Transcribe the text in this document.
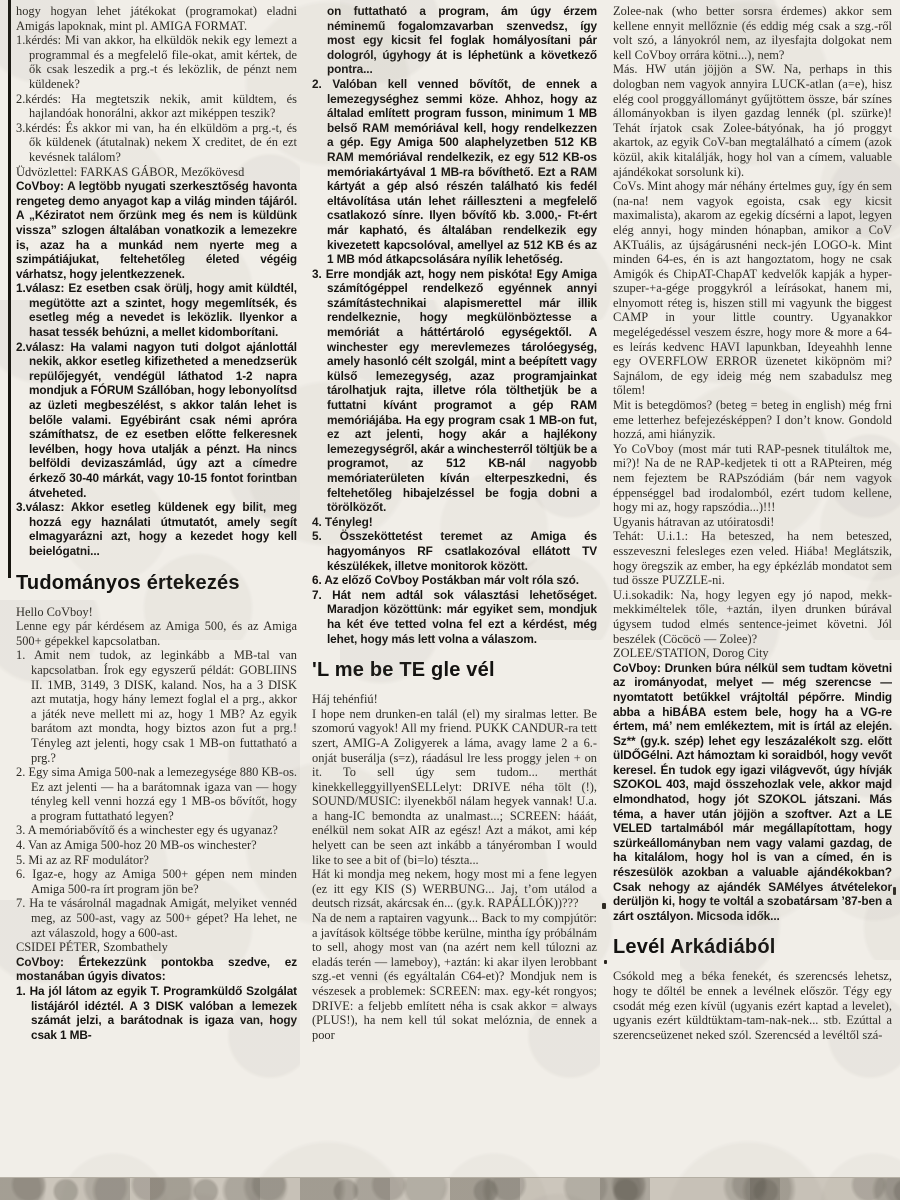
hogy hogyan lehet játékokat (programokat) eladni Amigás lapoknak, mint pl. AMIGA FORMAT.
1.kérdés: Mi van akkor, ha elküldök nekik egy lemezt a programmal és a megfelelő file-okat, amit kértek, de ők csak leszedik a prg.-t és leközlik, de pénzt nem küldenek?
2.kérdés: Ha megtetszik nekik, amit küldtem, és hajlandóak honorálni, akkor azt miképpen teszik?
3.kérdés: És akkor mi van, ha én elküldöm a prg.-t, és ők küldenek (átutalnak) nekem X creditet, de én ezt kevésnek találom?
Üdvözlettel: FARKAS GÁBOR, Mezőkövesd
CoVboy: A legtöbb nyugati szerkesztőség havonta rengeteg demo anyagot kap a világ minden tájáról. A „Kéziratot nem őrzünk meg és nem is küldünk vissza” szlogen általában vonatkozik a lemezekre is, azaz ha a munkád nem nyerte meg a szimpátiájukat, feltehetőleg életed végéig várhatsz, hogy jelentkezzenek.
1.válasz: Ez esetben csak örülj, hogy amit küldtél, megütötte azt a szintet, hogy megemlítsék, és esetleg még a nevedet is leközlik. Ilyenkor a hasat tessék behúzni, a mellet kidomborítani.
2.válasz: Ha valami nagyon tuti dolgot ajánlottál nekik, akkor esetleg kifizetheted a menedzserük repülőjegyét, vendégül láthatod 1-2 napra mondjuk a FÓRUM Szállóban, hogy lebonyolítsd az üzleti megbeszélést, s akkor talán lehet is belőle valami. Egyébiránt csak némi apróra számíthatsz, de ez esetben előtte felkeresnek levélben, hogy hova utalják a pénzt. Ha nincs belföldi devizaszámlád, úgy azt a címedre érkező 30-40 márkát, vagy 10-15 fontot forintban átveheted.
3.válasz: Akkor esetleg küldenek egy bilit, meg hozzá egy haználati útmutatót, amely segít elmagyarázni azt, hogy a kezedet hogy kell beielógatni...
Tudományos értekezés
Hello CoVboy!
Lenne egy pár kérdésem az Amiga 500, és az Amiga 500+ gépekkel kapcsolatban.
1. Amit nem tudok, az leginkább a MB-tal van kapcsolatban. Írok egy egyszerű példát: GOBLIINS II. 1MB, 3149, 3 DISK, kaland. Nos, ha a 3 DISK azt mutatja, hogy hány lemezt foglal el a prg., akkor a játék neve mellett mi az, hogy 1 MB? Az egyik barátom azt mondta, hogy biztos azon fut a prg.! Tényleg azt jelenti, hogy csak 1 MB-on futtatható a prg.?
2. Egy sima Amiga 500-nak a lemezegysége 880 KB-os. Ez azt jelenti — ha a barátomnak igaza van — hogy tényleg kell venni hozzá egy 1 MB-os bővítőt, hogy a program futtatható legyen?
3. A memóriabővítő és a winchester egy és ugyanaz?
4. Van az Amiga 500-hoz 20 MB-os winchester?
5. Mi az az RF modulátor?
6. Igaz-e, hogy az Amiga 500+ gépen nem minden Amiga 500-ra írt program jön be?
7. Ha te vásárolnál magadnak Amigát, melyiket vennéd meg, az 500-ast, vagy az 500+ gépet? Ha lehet, ne azt válaszold, hogy a 600-ast.
CSIDEI PÉTER, Szombathely
CoVboy: Értekezzünk pontokba szedve, ez mostanában úgyis divatos:
1. Ha jól látom az egyik T. Programküldő Szolgálat listájáról idéztél. A 3 DISK valóban a lemezek számát jelzi, a barátodnak is igaza van, hogy csak 1 MB-
on futtatható a program, ám úgy érzem néminemű fogalomzavarban szenvedsz, így most egy kicsit fel foglak homályosítani pár dologról, úgyhogy át is léphetünk a következő pontra...
2. Valóban kell venned bővítőt, de ennek a lemezegységhez semmi köze. Ahhoz, hogy az általad említett program fusson, minimum 1 MB belső RAM memóriával kell, hogy rendelkezzen a gép. Egy Amiga 500 alaphelyzetben 512 KB RAM memóriával rendelkezik, ez egy 512 KB-os memóriakártyával 1 MB-ra bővíthető. Ezt a RAM kártyát a gép alsó részén található kis fedél eltávolítása után lehet ráilleszteni a megfelelő csatlakozó sínre. Ilyen bővítő kb. 3.000,- Ft-ért már kapható, és általában rendelkezik egy kivezetett kapcsolóval, amellyel az 512 KB és az 1 MB mód átkapcsolására nyílik lehetőség.
3. Erre mondják azt, hogy nem piskóta! Egy Amiga számítógéppel rendelkező egyénnek annyi számítástechnikai alapismerettel már illik rendelkeznie, hogy megkülönböztesse a memóriát a háttértároló egységektől. A winchester egy merevlemezes tárolóegység, amely hasonló célt szolgál, mint a beépített vagy külső lemezegység, azaz programjainkat tárolhatjuk rajta, illetve róla tölthetjük be a futtatni kívánt programot a gép RAM memóriájába. Ha egy program csak 1 MB-on fut, ez azt jelenti, hogy akár a hajlékony lemezegységről, akár a winchesterről töltjük be a programot, az 512 KB-nál nagyobb memóriaterületen kíván elterpeszkedni, és feltehetőleg hibajelzéssel be fogja dobni a törölközőt.
4. Tényleg!
5. Összeköttetést teremet az Amiga és hagyományos RF csatlakozóval ellátott TV készülékek, illetve monitorok között.
6. Az előző CoVboy Postákban már volt róla szó.
7. Hát nem adtál sok választási lehetőséget. Maradjon közöttünk: már egyiket sem, mondjuk ha két éve tetted volna fel ezt a kérdést, még lehet, hogy más lett volna a válaszom.
'L me be TE gle vél
Háj tehénfiú!
I hope nem drunken-en talál (el) my siralmas letter. Be szomorú vagyok! All my friend. PUKK CANDUR-ra tett szert, AMIG-A Zoligyerek a láma, avagy lame 2 a 6.-onját buserálja (s=z), ráadásul lre less proggy jelen + on it. To sell úgy sem tudom... merthát kinekkelleggyillyenSELLelyt: DRIVE néha tölt (!), SOUND/MUSIC: ilyenekből nálam hegyek vannak! U.a. a hang-IC bemondta az unalmast...; SCREEN: hááát, enélkül nem sokat AIR az egész! Azt a mákot, ami kép helyett can be seen azt inkább a tányéromban I would like to see a bit of (bi=lo) tészta...
Hát ki mondja meg nekem, hogy most mi a fene legyen (ez itt egy KIS (S) WERBUNG... Jaj, t’om utálod a deutsch rizsát, akárcsak én... (gy.k. RAPÁLLÓK))???
Na de nem a raptairen vagyunk... Back to my compjútör: a javítások költsége többe kerülne, mintha így próbálnám to sell, ahogy most van (na azért nem kell túlozni az eladás terén — lameboy), +aztán: ki akar ilyen lerobbant szg.-et venni (és egyáltalán C64-et)? Mondjuk nem is vészesek a problemek: SCREEN: max. egy-két rongyos; DRIVE: a feljebb említett néha is csak akkor = always (PLUS!), ha nem kell túl sokat melóznia, de ennek a poor
Zolee-nak (who better sorsra érdemes) akkor sem kellene ennyit mellőznie (és eddig még csak a szg.-ről volt szó, a lányokról nem, az ilyesfajta dolgokat nem kell CoVboy orrára kötni...), nem?
Más. HW után jöjjön a SW. Na, perhaps in this dologban nem vagyok annyira LUCK-atlan (a=e), hisz elég cool proggyállományt gyűjtöttem össze, bár színes állományokban is ilyen gazdag lennék (pl. szürke)! Tehát írjatok csak Zolee-bátyónak, ha jó proggyt akartok, az egyik CoV-ban megtalálható a címem (azok közül, akik kitalálják, hogy hol van a címem, valuable ajándékokat sorsolunk ki).
CoVs. Mint ahogy már néhány értelmes guy, így én sem (na-na! nem vagyok egoista, csak egy kicsit maximalista), akarom az egekig dícsérni a lapot, legyen elég annyi, hogy minden hónapban, amikor a CoV AKTuális, az újságárusnéni neck-jén LOGO-k. Mint minden 64-es, én is azt hangoztatom, hogy ne csak Amigók és ChipAT-ChapAT kedvelők kapják a hyper-szuper-+a-gége proggykról a leírásokat, hanem mi, elnyomott réteg is, hiszen still mi vagyunk the biggest CAMP in your little country. Ugyanakkor megelégedéssel veszem észre, hogy more & more a 64-es leírás kedvenc HAVI lapunkban, Ideyeahhh lenne egy OVERFLOW ERROR üzenetet kiköpnöm mi? Sajnálom, de egy ideig még nem szabadulsz meg tőlem!
Mit is betegdömos? (beteg = beteg in english) még frni eme letterhez befejezésképpen? I don’t know. Gondold hozzá, ami hiányzik.
Yo CoVboy (most már tuti RAP-pesnek tituláltok me, mi?)! Na de ne RAP-kedjetek ti ott a RAPteiren, még nem fejeztem be RAPszódiám (bár nem vagyok éppenséggel bad irodalomból, ezért tudom kellene, hogy mi az, hogy rapszódia...)!!!
Ugyanis hátravan az utóiratosdi!
Tehát: U.i.1.: Ha beteszed, ha nem beteszed, esszeveszni felesleges ezen veled. Hiába! Meglátszik, hogy öregszik az ember, ha egy épkézláb mondatot sem tud össze PUZZLE-ni.
U.i.sokadik: Na, hogy legyen egy jó napod, mekk-mekkiméltelek tőle, +aztán, ilyen drunken búrával úgysem tudod elmés sentence-jeimet követni. Jól beszélek (Cöcöcö — Zolee)?
ZOLEE/STATION, Dorog City
CoVboy: Drunken búra nélkül sem tudtam követni az irományodat, melyet — még szerencse — nyomtatott betűkkel vrájtoltál pépőrre. Mindig abba a hiBÁBA estem bele, hogy ha a VG-re értem, má’ nem emlékeztem, mit is írtál az elején. Sz** (gy.k. szép) lehet egy leszázalékolt szg. előtt ülDŐGélni. Azt hámoztam ki soraidból, hogy vevőt keresel. Én tudok egy igazi világvevőt, úgy hívják SZOKOL 403, majd összehozlak vele, akkor majd elmondhatod, hogy jót SZOKOL játszani. Más téma, a haver után jöjjön a szoftver. Azt a LE VELED tartalmából már megállapítottam, hogy szürkeállományban nem vagy valami gazdag, de ha kitalálom, hogy hol is van a címed, én is részesülök azokban a valuable ajándékokban? Csak nehogy az ajándék SAMélyes átvételekor derüljön ki, hogy te voltál a szobatársam ’87-ben a zárt osztályon. Micsoda idők...
Levél Arkádiából
Csókold meg a béka fenekét, és szerencsés lehetsz, hogy te dőltél be ennek a levélnek először. Tégy egy csodát még ezen kívül (ugyanis ezért kaptad a levelet), ugyanis ezért küldtüktam-tam-nak-nek... stb. Ezúttal a szerencseüzenet neked szól. Szerencséd a levéltől szá-
